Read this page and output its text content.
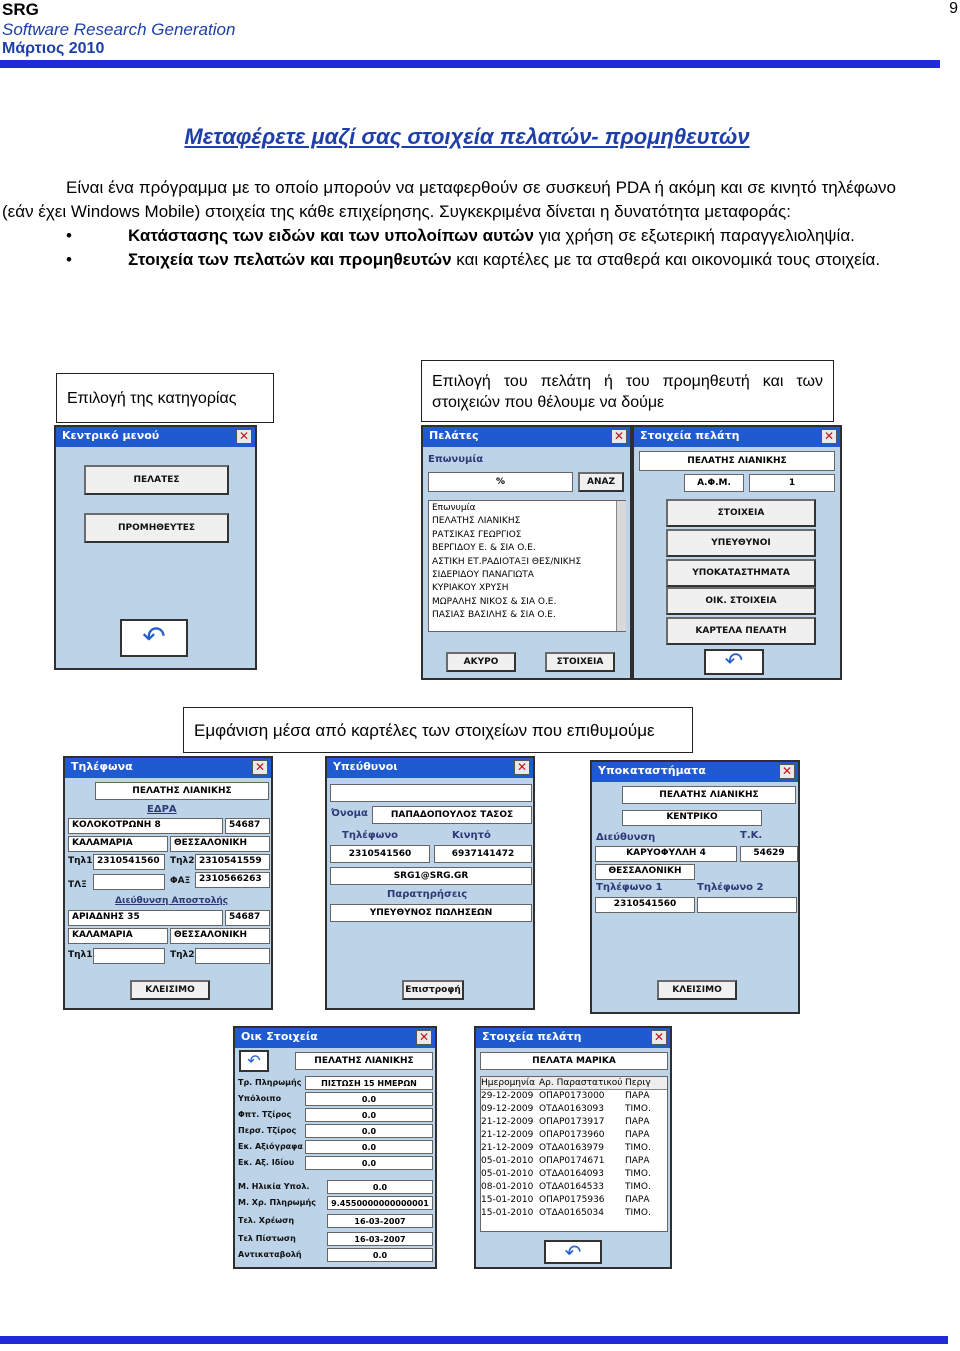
SRG
Software Research Generation
Μάρτιος 2010
9
Μεταφέρετε μαζί σας στοιχεία πελατών- προμηθευτών

Είναι ένα πρόγραμμα με το οποίο μπορούν να μεταφερθούν σε συσκευή PDA ή ακόμη και σε κινητό τηλέφωνο (εάν έχει Windows Mobile) στοιχεία της κάθε επιχείρησης. Συγκεκριμένα δίνεται η δυνατότητα μεταφοράς:

•	Κατάστασης των ειδών και των υπολοίπων αυτών για χρήση σε εξωτερική παραγγελιοληψία.
•	Στοιχεία των πελατών και προμηθευτών και καρτέλες με τα σταθερά και οικονομικά τους στοιχεία.
Επιλογή της κατηγορίας
Επιλογή του πελάτη ή του προμηθευτή και των στοιχειών που θέλουμε να δούμε
Εμφάνιση μέσα από καρτέλες των στοιχείων που επιθυμούμε
Κεντρικό μενού	✕
ΠΕΛΑΤΕΣ
ΠΡΟΜΗΘΕΥΤΕΣ
↶
Πελάτες	✕
Επωνυμία
%	ΑΝΑΖ
Επωνυμία
ΠΕΛΑΤΗΣ ΛΙΑΝΙΚΗΣ
ΡΑΤΣΙΚΑΣ ΓΕΩΡΓΙΟΣ
ΒΕΡΓΙΔΟΥ Ε. & ΣΙΑ Ο.Ε.
ΑΣΤΙΚΗ ΕΤ.ΡΑΔΙΟΤΑΞΙ ΘΕΣ/ΝΙΚΗΣ
ΣΙΔΕΡΙΔΟΥ ΠΑΝΑΓΙΩΤΑ
ΚΥΡΙΑΚΟΥ ΧΡΥΣΗ
ΜΩΡΑΛΗΣ ΝΙΚΟΣ & ΣΙΑ Ο.Ε.
ΠΑΣΙΑΣ ΒΑΣΙΛΗΣ & ΣΙΑ Ο.Ε.
ΑΚΥΡΟ	ΣΤΟΙΧΕΙΑ
Στοιχεία πελάτη	✕
ΠΕΛΑΤΗΣ ΛΙΑΝΙΚΗΣ
Α.Φ.Μ.	1
ΣΤΟΙΧΕΙΑ
ΥΠΕΥΘΥΝΟΙ
ΥΠΟΚΑΤΑΣΤΗΜΑΤΑ
ΟΙΚ. ΣΤΟΙΧΕΙΑ
ΚΑΡΤΕΛΑ ΠΕΛΑΤΗ
↶
Τηλέφωνα	✕
ΠΕΛΑΤΗΣ ΛΙΑΝΙΚΗΣ
ΕΔΡΑ
ΚΟΛΟΚΟΤΡΩΝΗ 8	54687
ΚΑΛΑΜΑΡΙΑ	ΘΕΣΣΑΛΟΝΙΚΗ
Τηλ1 2310541560	Τηλ2 2310541559
ΤΛΞ	ΦΑΞ 2310566263
Διεύθυνση Αποστολής
ΑΡΙΑΔΝΗΣ 35	54687
ΚΑΛΑΜΑΡΙΑ	ΘΕΣΣΑΛΟΝΙΚΗ
Τηλ1	Τηλ2
ΚΛΕΙΣΙΜΟ
Υπεύθυνοι	✕
Όνομα	ΠΑΠΑΔΟΠΟΥΛΟΣ ΤΑΣΟΣ
Τηλέφωνο	Κινητό
2310541560	6937141472
SRG1@SRG.GR
Παρατηρήσεις
ΥΠΕΥΘΥΝΟΣ ΠΩΛΗΣΕΩΝ
Επιστροφή
Υποκαταστήματα	✕
ΠΕΛΑΤΗΣ ΛΙΑΝΙΚΗΣ
ΚΕΝΤΡΙΚΟ
Διεύθυνση	Τ.Κ.
ΚΑΡΥΟΦΥΛΛΗ 4	54629
ΘΕΣΣΑΛΟΝΙΚΗ
Τηλέφωνο 1	Τηλέφωνο 2
2310541560
ΚΛΕΙΣΙΜΟ
Οικ Στοιχεία	✕
↶	ΠΕΛΑΤΗΣ ΛΙΑΝΙΚΗΣ
Τρ. Πληρωμής	ΠΙΣΤΩΣΗ 15 ΗΜΕΡΩΝ
Υπόλοιπο	0.0
Φπτ. Τζίρος	0.0
Περσ. Τζίρος	0.0
Εκ. Αξιόγραφα	0.0
Εκ. Αξ. Ιδίου	0.0
Μ. Ηλικία Υπολ.	0.0
Μ. Χρ. Πληρωμής	9.4550000000000001
Τελ. Χρέωση	16-03-2007
Τελ Πίστωση	16-03-2007
Αντικαταβολή	0.0
Στοιχεία πελάτη	✕
ΠΕΛΑΤΑ ΜΑΡΙΚΑ
Ημερομηνία Αρ. Παραστατικού Περιγ
29-12-2009 ΟΠΑΡ0173000 ΠΑΡΑ
09-12-2009 ΟΤΔΑ0163093 ΤΙΜΟ.
21-12-2009 ΟΠΑΡ0173917 ΠΑΡΑ
21-12-2009 ΟΠΑΡ0173960 ΠΑΡΑ
21-12-2009 ΟΤΔΑ0163979 ΤΙΜΟ.
05-01-2010 ΟΠΑΡ0174671 ΠΑΡΑ
05-01-2010 ΟΤΔΑ0164093 ΤΙΜΟ.
08-01-2010 ΟΤΔΑ0164533 ΤΙΜΟ.
15-01-2010 ΟΠΑΡ0175936 ΠΑΡΑ
15-01-2010 ΟΤΔΑ0165034 ΤΙΜΟ.
↶
